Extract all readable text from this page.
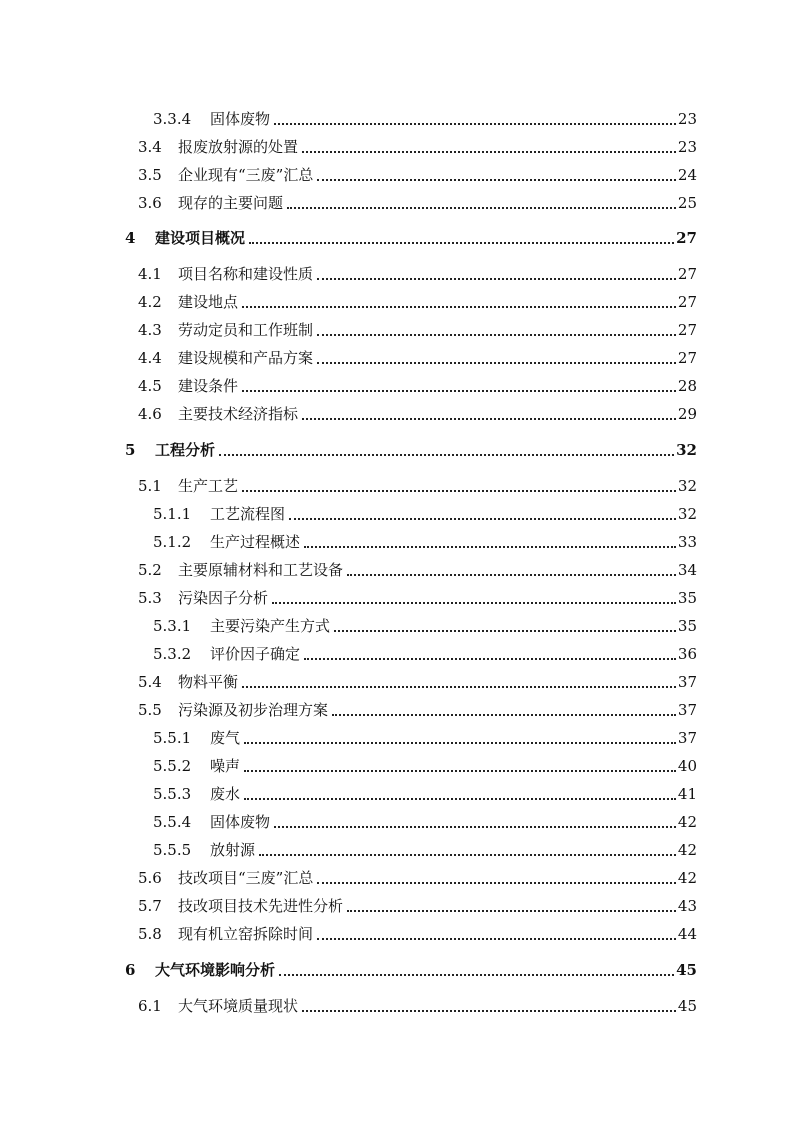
3.3.4	固体废物	23
3.4	报废放射源的处置	23
3.5	企业现有“三废”汇总	24
3.6	现存的主要问题	25
4	建设项目概况	27
4.1	项目名称和建设性质	27
4.2	建设地点	27
4.3	劳动定员和工作班制	27
4.4	建设规模和产品方案	27
4.5	建设条件	28
4.6	主要技术经济指标	29
5	工程分析	32
5.1	生产工艺	32
5.1.1	工艺流程图	32
5.1.2	生产过程概述	33
5.2	主要原辅材料和工艺设备	34
5.3	污染因子分析	35
5.3.1	主要污染产生方式	35
5.3.2	评价因子确定	36
5.4	物料平衡	37
5.5	污染源及初步治理方案	37
5.5.1	废气	37
5.5.2	噪声	40
5.5.3	废水	41
5.5.4	固体废物	42
5.5.5	放射源	42
5.6	技改项目“三废”汇总	42
5.7	技改项目技术先进性分析	43
5.8	现有机立窑拆除时间	44
6	大气环境影响分析	45
6.1	大气环境质量现状	45
